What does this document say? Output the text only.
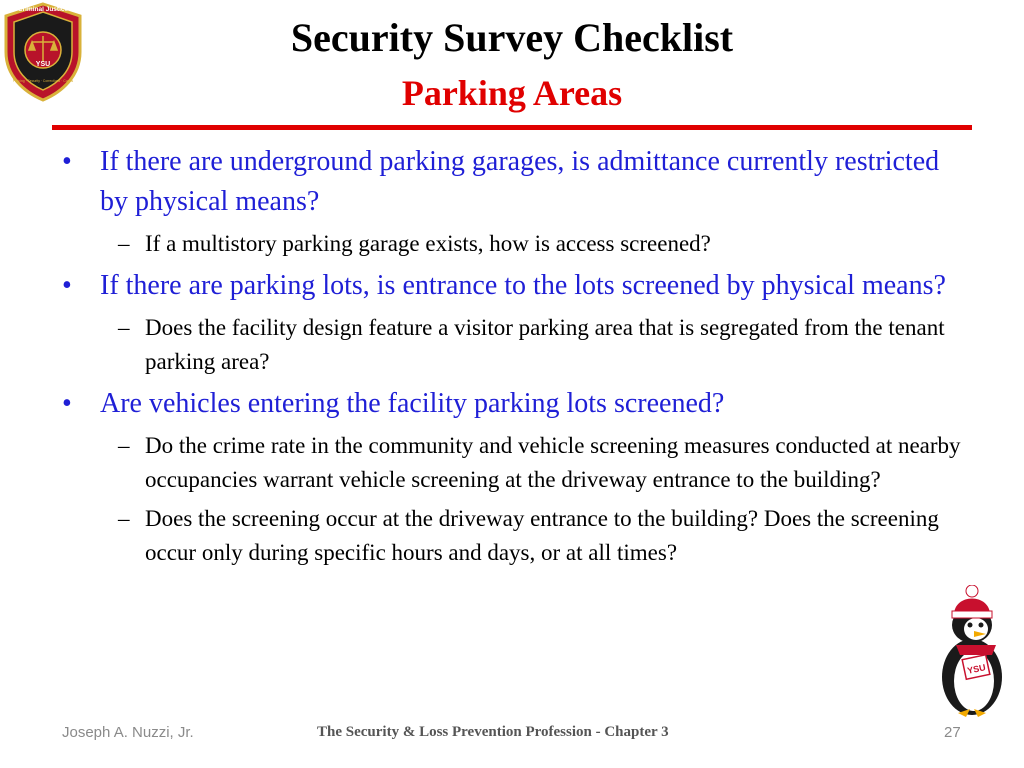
Criminal Justice
YSU
Policing · Security · Corrections · Courts
Security Survey Checklist
Parking Areas
•	If there are underground parking garages, is admittance currently restricted by physical means?
– If a multistory parking garage exists, how is access screened?
•	If there are parking lots, is entrance to the lots screened by physical means?
– Does the facility design feature a visitor parking area that is segregated from the tenant parking area?
•	Are vehicles entering the facility parking lots screened?
– Do the crime rate in the community and vehicle screening measures conducted at nearby occupancies warrant vehicle screening at the driveway entrance to the building?
– Does the screening occur at the driveway entrance to the building? Does the screening occur only during specific hours and days, or at all times?
YSU
Joseph A. Nuzzi, Jr.	The Security & Loss Prevention Profession - Chapter 3	27
